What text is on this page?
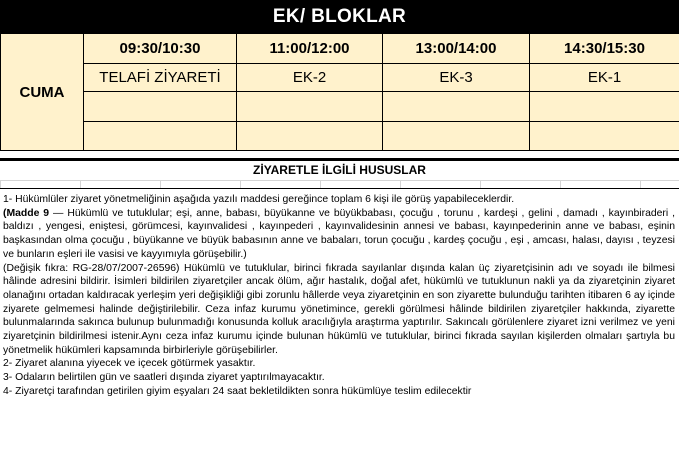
EK/ BLOKLAR
CUMA	09:30/10:30	11:00/12:00	13:00/14:00	14:30/15:30
	TELAFİ ZİYARETİ	EK-2	EK-3	EK-1

ZİYARETLE İLGİLİ HUSUSLAR

1- Hükümlüler ziyaret yönetmeliğinin aşağıda yazılı maddesi gereğince toplam 6 kişi ile görüş yapabileceklerdir.

(Madde 9 — Hükümlü ve tutuklular; eşi, anne, babası, büyükanne ve büyükbabası, çocuğu , torunu , kardeşi , gelini , damadı , kayınbiraderi , baldızı , yengesi, eniştesi, görümcesi, kayınvalidesi , kayınpederi , kayınvalidesinin annesi ve babası, kayınpederinin anne ve babası, eşinin başkasından olma çocuğu , büyükanne ve büyük babasının anne ve babaları, torun çocuğu , kardeş çocuğu , eşi , amcası, halası, dayısı , teyzesi ve bunların eşleri ile vasisi ve kayyımıyla görüşebilir.)

(Değişik fıkra: RG-28/07/2007-26596) Hükümlü ve tutuklular, birinci fıkrada sayılanlar dışında kalan üç ziyaretçisinin adı ve soyadı ile bilmesi hâlinde adresini bildirir. İsimleri bildirilen ziyaretçiler ancak ölüm, ağır hastalık, doğal afet, hükümlü ve tutuklunun nakli ya da ziyaretçinin ziyaret olanağını ortadan kaldıracak yerleşim yeri değişikliği gibi zorunlu hâllerde veya ziyaretçinin en son ziyarette bulunduğu tarihten itibaren 6 ay içinde ziyarete gelmemesi halinde değiştirilebilir. Ceza infaz kurumu yönetimince, gerekli görülmesi hâlinde bildirilen ziyaretçiler hakkında, ziyarette bulunmalarında sakınca bulunup bulunmadığı konusunda kolluk aracılığıyla araştırma yaptırılır. Sakıncalı görülenlere ziyaret izni verilmez ve yeni ziyaretçinin bildirilmesi istenir.Aynı ceza infaz kurumu içinde bulunan hükümlü ve tutuklular, birinci fıkrada sayılan kişilerden olmaları şartıyla bu yönetmelik hükümleri kapsamında birbirleriyle görüşebilirler.

2- Ziyaret alanına yiyecek ve içecek götürmek yasaktır.

3- Odaların belirtilen gün ve saatleri dışında ziyaret yaptırılmayacaktır.

4- Ziyaretçi tarafından getirilen giyim eşyaları 24 saat bekletildikten sonra hükümlüye teslim edilecektir
